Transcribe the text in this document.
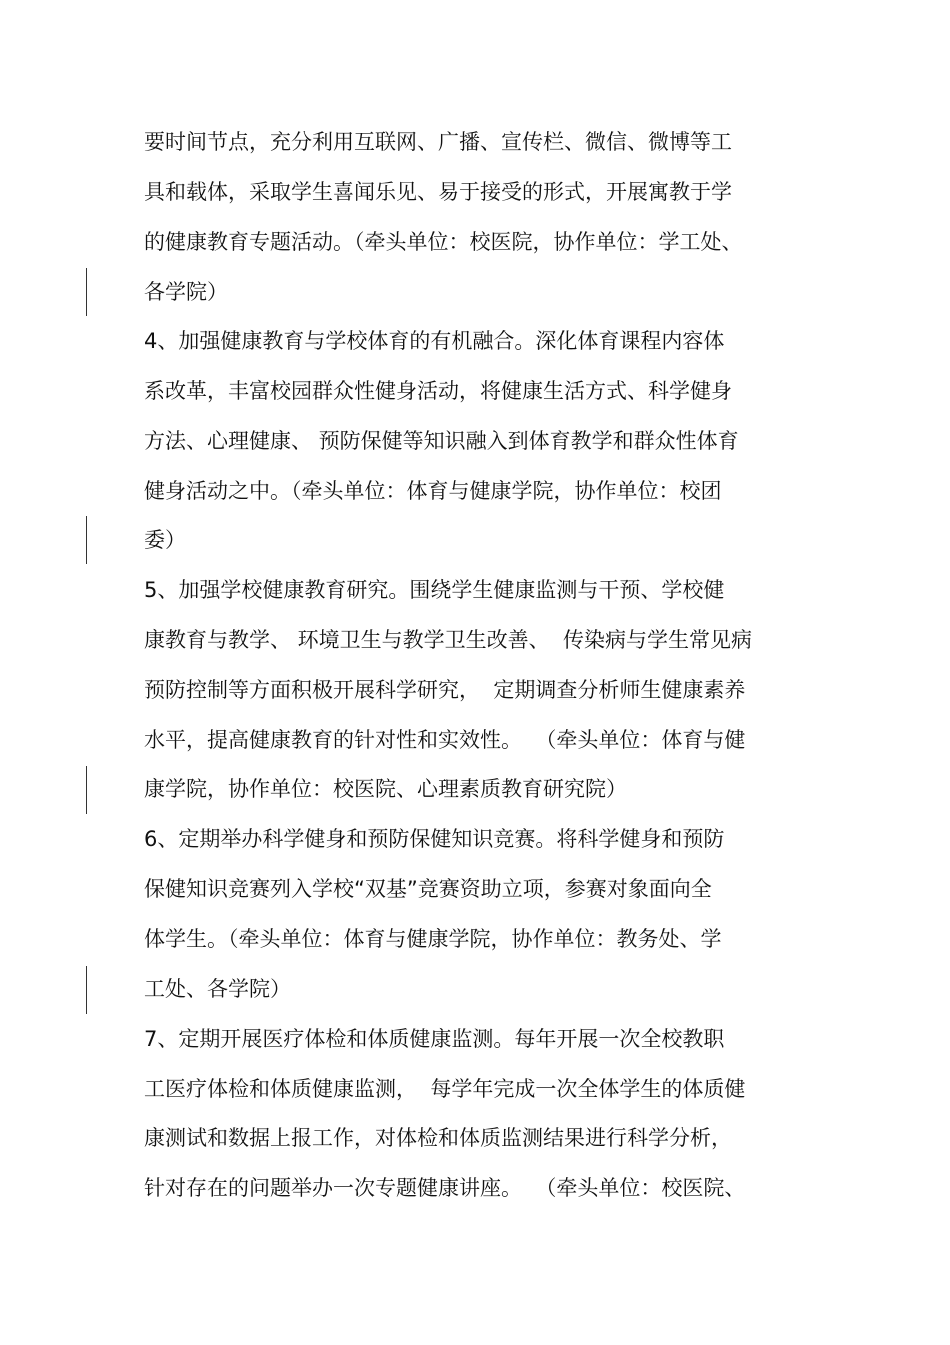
要时间节点，充分利用互联网、广播、宣传栏、微信、微博等工
具和载体，采取学生喜闻乐见、易于接受的形式，开展寓教于学
的健康教育专题活动。（牵头单位：校医院，协作单位：学工处、
各学院）
4、加强健康教育与学校体育的有机融合。深化体育课程内容体
系改革，丰富校园群众性健身活动，将健康生活方式、科学健身
方法、心理健康、 预防保健等知识融入到体育教学和群众性体育
健身活动之中。（牵头单位：体育与健康学院，协作单位：校团
委）
5、加强学校健康教育研究。围绕学生健康监测与干预、学校健
康教育与教学、 环境卫生与教学卫生改善、  传染病与学生常见病
预防控制等方面积极开展科学研究，  定期调查分析师生健康素养
水平，提高健康教育的针对性和实效性。  （牵头单位：体育与健
康学院，协作单位：校医院、心理素质教育研究院）
6、定期举办科学健身和预防保健知识竞赛。将科学健身和预防
保健知识竞赛列入学校“双基”竞赛资助立项，参赛对象面向全
体学生。（牵头单位：体育与健康学院，协作单位：教务处、学
工处、各学院）
7、定期开展医疗体检和体质健康监测。每年开展一次全校教职
工医疗体检和体质健康监测，  每学年完成一次全体学生的体质健
康测试和数据上报工作，对体检和体质监测结果进行科学分析，
针对存在的问题举办一次专题健康讲座。  （牵头单位：校医院、
